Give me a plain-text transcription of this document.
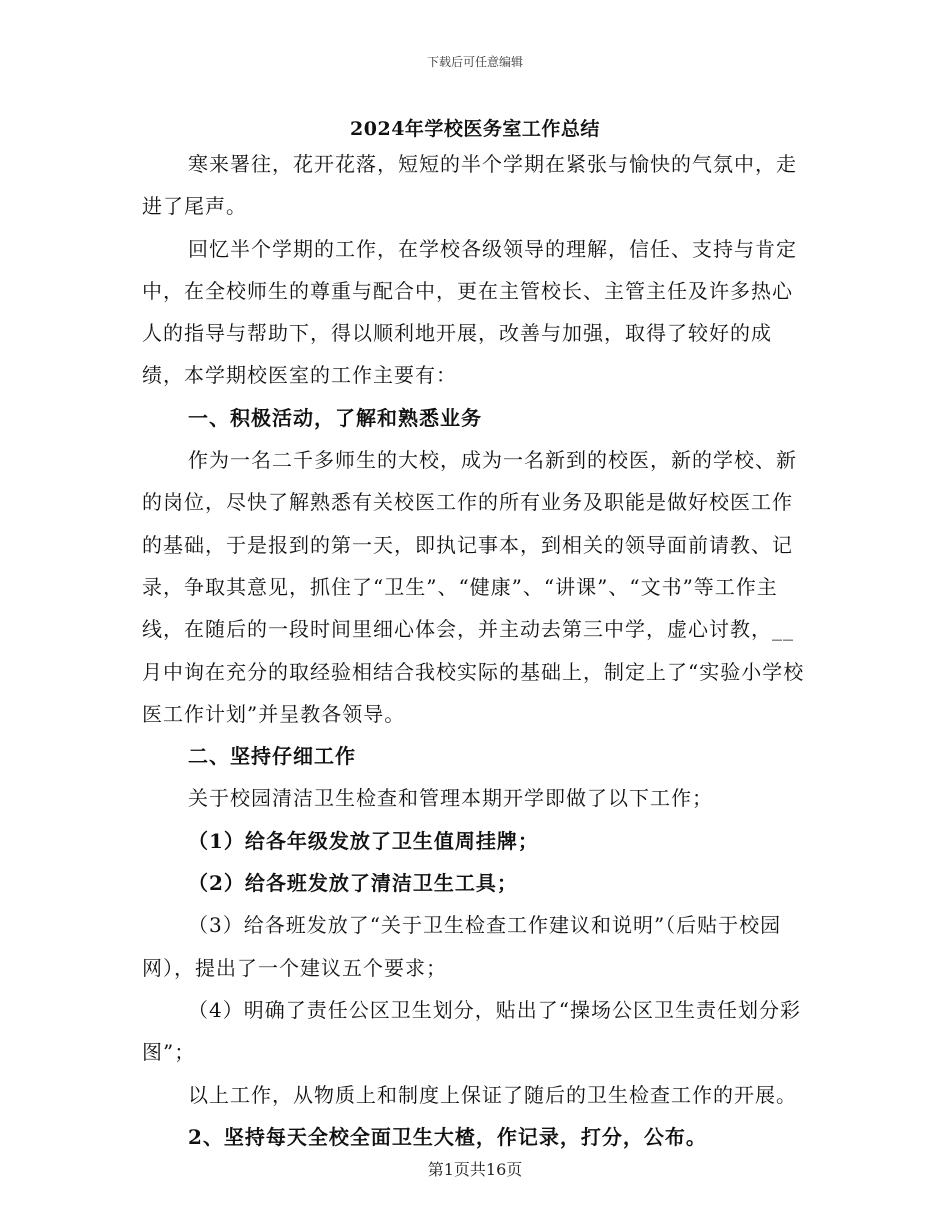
下载后可任意编辑
2024年学校医务室工作总结

寒来署往，花开花落，短短的半个学期在紧张与愉快的气氛中，走进了尾声。

回忆半个学期的工作，在学校各级领导的理解，信任、支持与肯定中，在全校师生的尊重与配合中，更在主管校长、主管主任及许多热心人的指导与帮助下，得以顺利地开展，改善与加强，取得了较好的成绩，本学期校医室的工作主要有：

一、积极活动，了解和熟悉业务

作为一名二千多师生的大校，成为一名新到的校医，新的学校、新的岗位，尽快了解熟悉有关校医工作的所有业务及职能是做好校医工作的基础，于是报到的第一天，即执记事本，到相关的领导面前请教、记录，争取其意见，抓住了“卫生”、“健康”、“讲课”、“文书”等工作主线，在随后的一段时间里细心体会，并主动去第三中学，虚心讨教，__月中询在充分的取经验相结合我校实际的基础上，制定上了“实验小学校医工作计划”并呈教各领导。

二、坚持仔细工作

关于校园清洁卫生检查和管理本期开学即做了以下工作；

（1）给各年级发放了卫生值周挂牌；

（2）给各班发放了清洁卫生工具；

（3）给各班发放了“关于卫生检查工作建议和说明”（后贴于校园网），提出了一个建议五个要求；

（4）明确了责任公区卫生划分，贴出了“操场公区卫生责任划分彩图”；

以上工作，从物质上和制度上保证了随后的卫生检查工作的开展。

2、坚持每天全校全面卫生大楂，作记录，打分，公布。

第1页共16页
